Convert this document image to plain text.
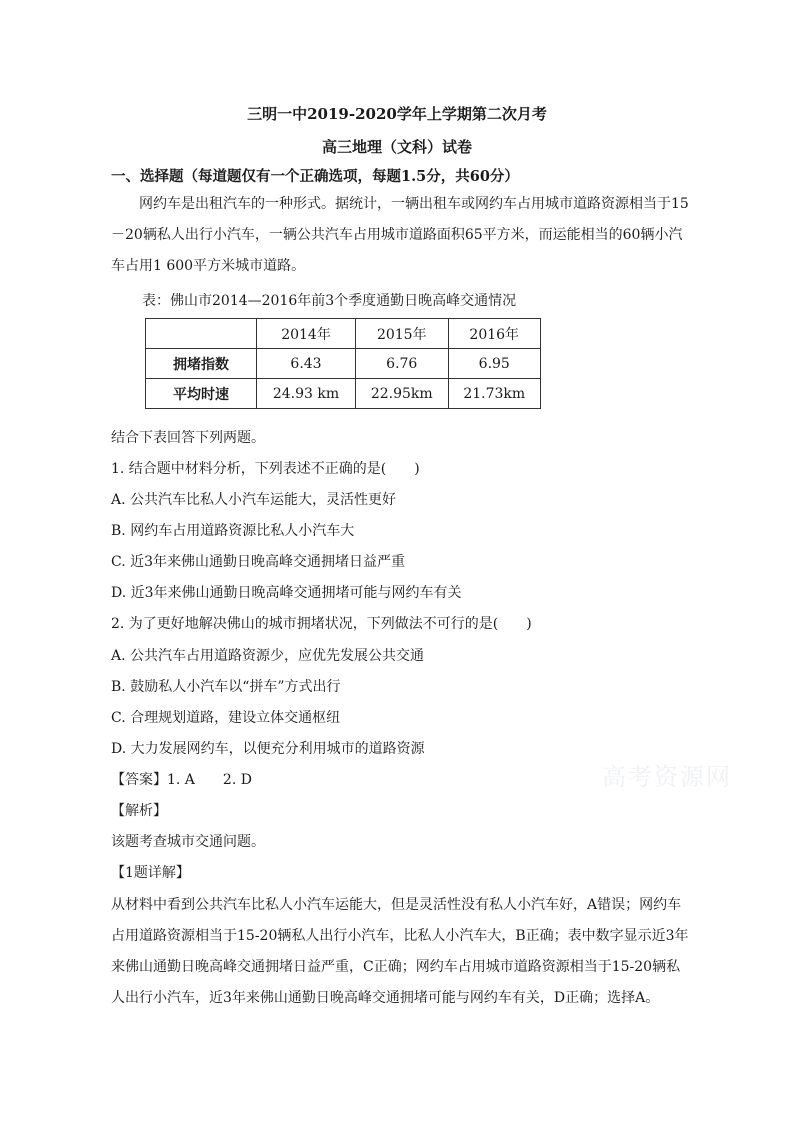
三明一中2019-2020学年上学期第二次月考
高三地理（文科）试卷
一、选择题（每道题仅有一个正确选项，每题1.5分，共60分）
网约车是出租汽车的一种形式。据统计，一辆出租车或网约车占用城市道路资源相当于15－20辆私人出行小汽车，一辆公共汽车占用城市道路面积65平方米，而运能相当的60辆小汽车占用1 600平方米城市道路。
表：佛山市2014—2016年前3个季度通勤日晚高峰交通情况
	2014年	2015年	2016年
拥堵指数	6.43	6.76	6.95
平均时速	24.93 km	22.95km	21.73km
结合下表回答下列两题。
1. 结合题中材料分析，下列表述不正确的是(　　)
A. 公共汽车比私人小汽车运能大，灵活性更好
B. 网约车占用道路资源比私人小汽车大
C. 近3年来佛山通勤日晚高峰交通拥堵日益严重
D. 近3年来佛山通勤日晚高峰交通拥堵可能与网约车有关
2. 为了更好地解决佛山的城市拥堵状况，下列做法不可行的是(　　)
A. 公共汽车占用道路资源少，应优先发展公共交通
B. 鼓励私人小汽车以“拼车”方式出行
C. 合理规划道路，建设立体交通枢纽
D. 大力发展网约车，以便充分利用城市的道路资源
【答案】1. A　　2. D
【解析】
该题考查城市交通问题。
【1题详解】
从材料中看到公共汽车比私人小汽车运能大，但是灵活性没有私人小汽车好，A错误；网约车占用道路资源相当于15-20辆私人出行小汽车，比私人小汽车大，B正确；表中数字显示近3年来佛山通勤日晚高峰交通拥堵日益严重，C正确；网约车占用城市道路资源相当于15-20辆私人出行小汽车，近3年来佛山通勤日晚高峰交通拥堵可能与网约车有关，D正确；选择A。
高考资源网
